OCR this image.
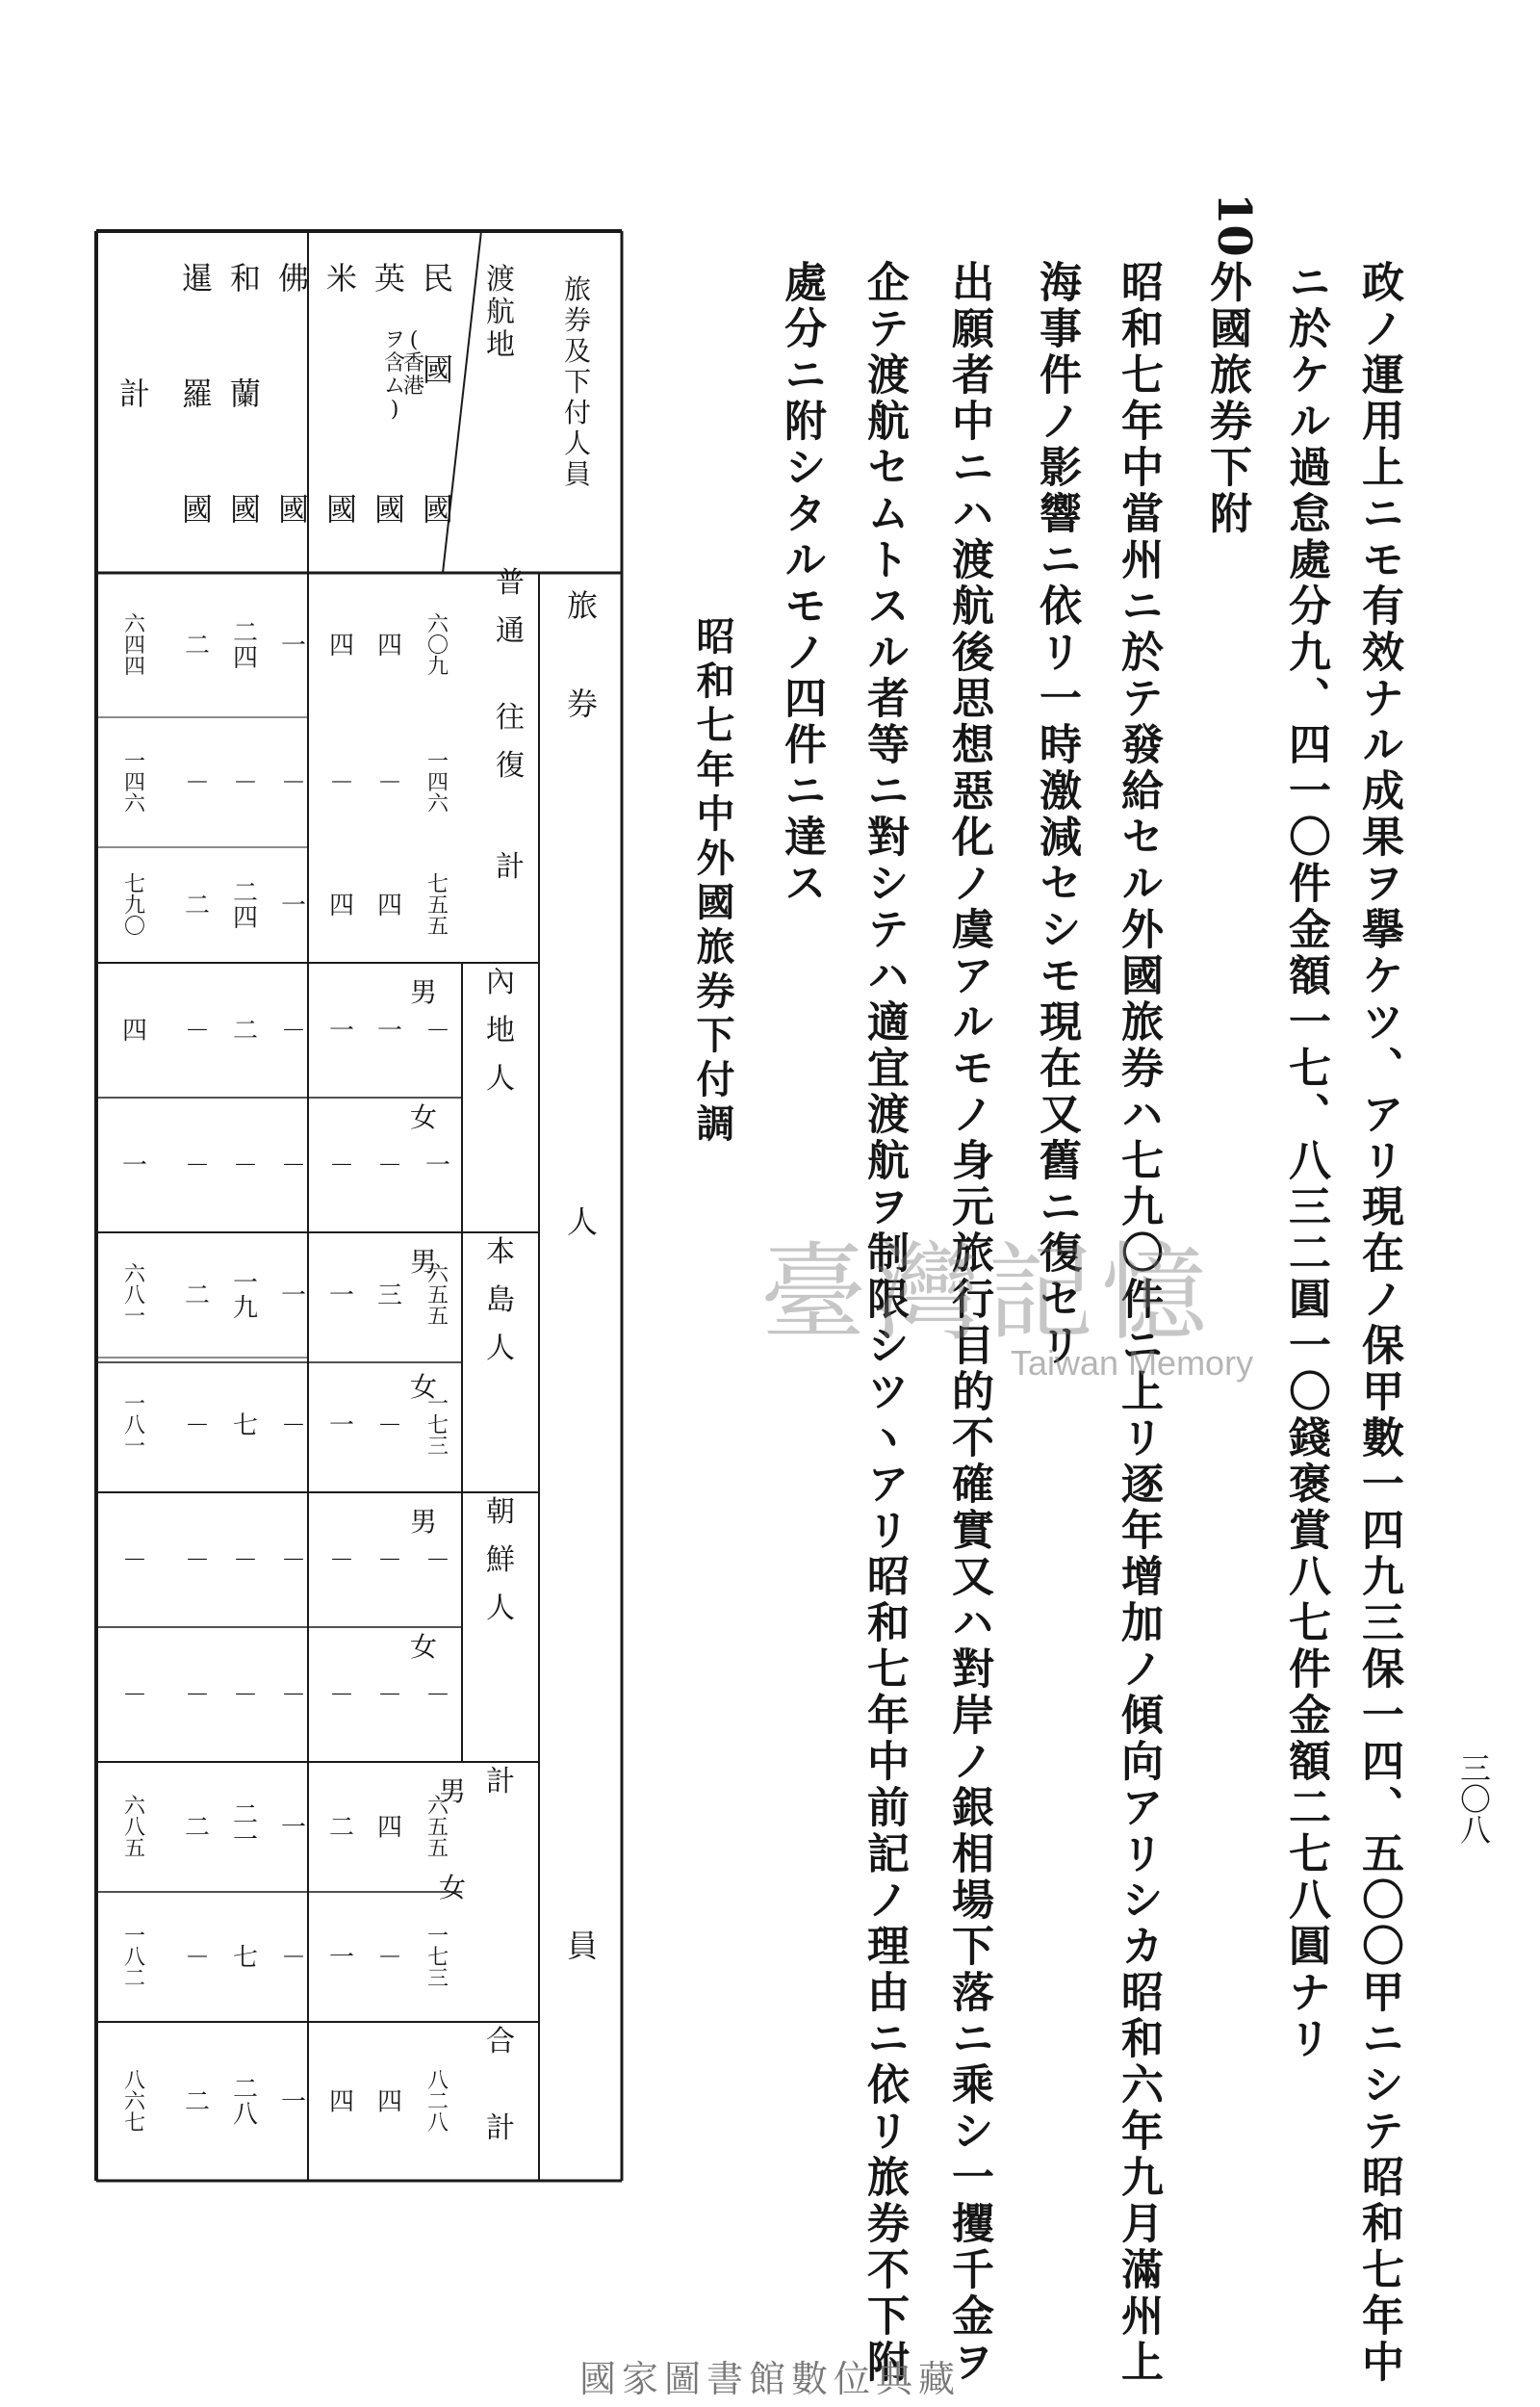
三〇八
政ノ運用上ニモ有效ナル成果ヲ擧ケツ、アリ現在ノ保甲數一四九三保一四、五〇〇甲ニシテ昭和七年中
ニ於ケル過怠處分九、四一〇件金額一七、八三二圓一〇錢褒賞八七件金額二七八圓ナリ
10
外國旅券下附
昭和七年中當州ニ於テ發給セル外國旅券ハ七九〇件ニ上リ逐年增加ノ傾向アリシカ昭和六年九月滿州上
海事件ノ影響ニ依リ一時激減セシモ現在又舊ニ復セリ
出願者中ニハ渡航後思想惡化ノ虞アルモノ身元旅行目的不確實又ハ對岸ノ銀相場下落ニ乘シ一攫千金ヲ
企テ渡航セムトスル者等ニ對シテハ適宜渡航ヲ制限シツヽアリ昭和七年中前記ノ理由ニ依リ旅券不下附
處分ニ附シタルモノ四件ニ達ス
昭和七年中外國旅券下付調
臺灣記憶
Taiwan Memory
旅券及下付人員
渡航地
民
國
(香港
ヲ含ム)
國
英
國
米
國
佛
國
和
蘭
國
暹
羅
國
計
旅券
人員
普通
往復
計
內地人
男
女
本島人
男
女
朝鮮人
男
女
計
男
女
合計
六〇九
四
四
一
二四
二
六四四
一四六
－
－
－
－
－
一四六
七五五
四
四
一
二四
二
七九〇
－
一
一
－
二
－
四
一
－
－
－
－
－
一
六五五
三
一
一
一九
二
六八一
一七三
－
一
－
七
－
一八一
－
－
－
－
－
－
－
－
－
－
－
－
－
－
六五五
四
二
一
二一
二
六八五
一七三
－
一
－
七
－
一八二
八二八
四
四
一
二八
二
八六七
國家圖書館數位典藏
